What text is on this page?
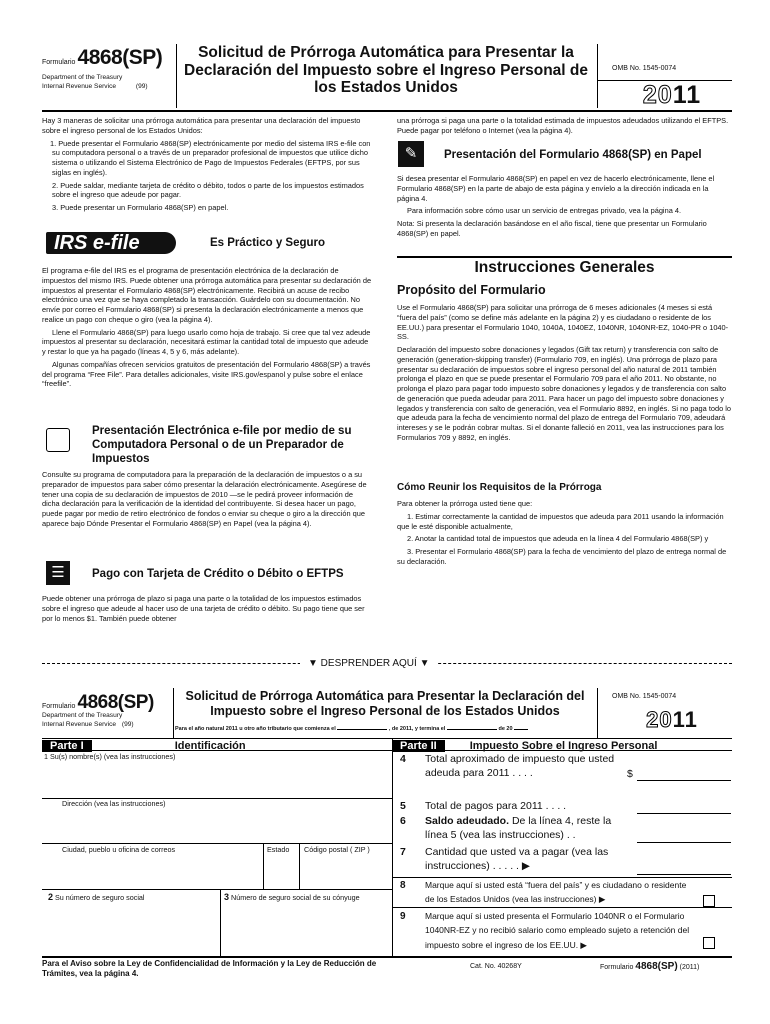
Formulario 4868(SP)
Department of the Treasury
Internal Revenue Service	(99)
Solicitud de Prórroga Automática para Presentar la Declaración del Impuesto sobre el Ingreso Personal de los Estados Unidos
OMB No. 1545-0074
2011

Hay 3 maneras de solicitar una prórroga automática para presentar una declaración del impuesto sobre el ingreso personal de los Estados Unidos:

1. Puede presentar el Formulario 4868(SP) electrónicamente por medio del sistema IRS e-file con su computadora personal o a través de un preparador profesional de impuestos que utilice dicho sistema o utilizando el Sistema Electrónico de Pago de Impuestos Federales (EFTPS, por sus siglas en inglés).

2. Puede saldar, mediante tarjeta de crédito o débito, todos o parte de los impuestos estimados sobre el ingreso que adeude por pagar.

3. Puede presentar un Formulario 4868(SP) en papel.

IRS e-file	Es Práctico y Seguro

El programa e-file del IRS es el programa de presentación electrónica de la declaración de impuestos del mismo IRS. Puede obtener una prórroga automática para presentar su declaración de impuestos al presentar el Formulario 4868(SP) electrónicamente. Recibirá un acuse de recibo electrónico una vez que se haya completado la transacción. Guárdelo con su documentación. No envíe por correo el Formulario 4868(SP) si presenta la declaración electrónicamente a menos que realice un pago con cheque o giro (vea la página 4).

Llene el Formulario 4868(SP) para luego usarlo como hoja de trabajo. Si cree que tal vez adeude impuestos al presentar su declaración, necesitará estimar la cantidad total de impuesto que adeude y restar lo que ya ha pagado (líneas 4, 5 y 6, más adelante).

Algunas compañías ofrecen servicios gratuitos de presentación del Formulario 4868(SP) a través del programa “Free File”. Para detalles adicionales, visite IRS.gov/espanol y pulse sobre el enlace “freefile”.

Presentación Electrónica e-file por medio de su Computadora Personal o de un Preparador de Impuestos

Consulte su programa de computadora para la preparación de la declaración de impuestos o a su preparador de impuestos para saber cómo presentar la delaración electrónicamente. Asegúrese de tener una copia de su declaración de impuestos de 2010 —se le pedirá proveer información de dicha declaración para la verificación de la identidad del contribuyente. Si desea hacer un pago, puede pagar por medio de retiro electrónico de fondos o enviar su cheque o giro a la dirección que aparece bajo Dónde Presentar el Formulario 4868(SP) en Papel (vea la página 4).

☰	Pago con Tarjeta de Crédito o Débito o EFTPS

Puede obtener una prórroga de plazo si paga una parte o la totalidad de los impuestos estimados sobre el ingreso que adeude al hacer uso de una tarjeta de crédito o débito. Su pago tiene que ser por lo menos $1. También puede obtener

una prórroga si paga una parte o la totalidad estimada de impuestos adeudados utilizando el EFTPS. Puede pagar por teléfono o Internet (vea la página 4).

✎	Presentación del Formulario 4868(SP) en Papel

Si desea presentar el Formulario 4868(SP) en papel en vez de hacerlo electrónicamente, llene el Formulario 4868(SP) en la parte de abajo de esta página y envíelo a la dirección indicada en la página 4.

Para información sobre cómo usar un servicio de entregas privado, vea la página 4.

Nota: Si presenta la declaración basándose en el año fiscal, tiene que presentar un Formulario 4868(SP) en papel.

Instrucciones Generales
Propósito del Formulario

Use el Formulario 4868(SP) para solicitar una prórroga de 6 meses adicionales (4 meses si está “fuera del país” (como se define más adelante en la página 2) y es ciudadano o residente de los EE.UU.) para presentar el Formulario 1040, 1040A, 1040EZ, 1040NR, 1040NR-EZ, 1040-PR o 1040-SS.

Declaración del impuesto sobre donaciones y legados (Gift tax return) y transferencia con salto de generación (generation-skipping transfer) (Formulario 709, en inglés). Una prórroga de plazo para presentar su declaración de impuestos sobre el ingreso personal del año natural de 2011 también prolonga el plazo en que se puede presentar el Formulario 709 para el año 2011. No obstante, no prolonga el plazo para pagar todo impuesto sobre donaciones y legados y de transferencia con salto de generación que pueda adeudar para 2011. Para hacer un pago del impuesto sobre donaciones y legados y transferencia con salto de generación, vea el Formulario 8892, en inglés. Si no paga todo lo que adeuda para la fecha de vencimiento normal del plazo de entrega del Formulario 709, adeudará intereses y se le podrán cobrar multas. Si el donante falleció en 2011, vea las instrucciones para los Formularios 709 y 8892, en inglés.

Cómo Reunir los Requisitos de la Prórroga

Para obtener la prórroga usted tiene que:

1. Estimar correctamente la cantidad de impuestos que adeuda para 2011 usando la información que le esté disponible actualmente,

2. Anotar la cantidad total de impuestos que adeuda en la línea 4 del Formulario 4868(SP) y

3. Presentar el Formulario 4868(SP) para la fecha de vencimiento del plazo de entrega normal de su declaración.

▼ DESPRENDER AQUÍ ▼
Formulario 4868(SP)
Department of the Treasury
Internal Revenue Service (99)
Solicitud de Prórroga Automática para Presentar la Declaración del Impuesto sobre el Ingreso Personal de los Estados Unidos
Para el año natural 2011 u otro año tributario que comienza el	, de 2011, y termina el	de 20
OMB No. 1545-0074
2011
Parte I	Identificación	Parte II	Impuesto Sobre el Ingreso Personal
1 Su(s) nombre(s) (vea las instrucciones)
Dirección (vea las instrucciones)
Ciudad, pueblo u oficina de correos	Estado	Código postal ( ZIP )
2 Su número de seguro social	3 Número de seguro social de su cónyuge
4 Total aproximado de impuesto que usted adeuda para 2011 . . . .	$
5 Total de pagos para 2011 . . . .
6 Saldo adeudado. De la línea 4, reste la línea 5 (vea las instrucciones) . .
7 Cantidad que usted va a pagar (vea las instrucciones) . . . . . ▶
8 Marque aquí si usted está “fuera del país” y es ciudadano o residente de los Estados Unidos (vea las instrucciones) ▶
9 Marque aquí si usted presenta el Formulario 1040NR o el Formulario 1040NR-EZ y no recibió salario como empleado sujeto a retención del impuesto sobre el ingreso de los EE.UU. ▶
Para el Aviso sobre la Ley de Confidencialidad de Información y la Ley de Reducción de Trámites, vea la página 4.
Cat. No. 40268Y	Formulario 4868(SP) (2011)
